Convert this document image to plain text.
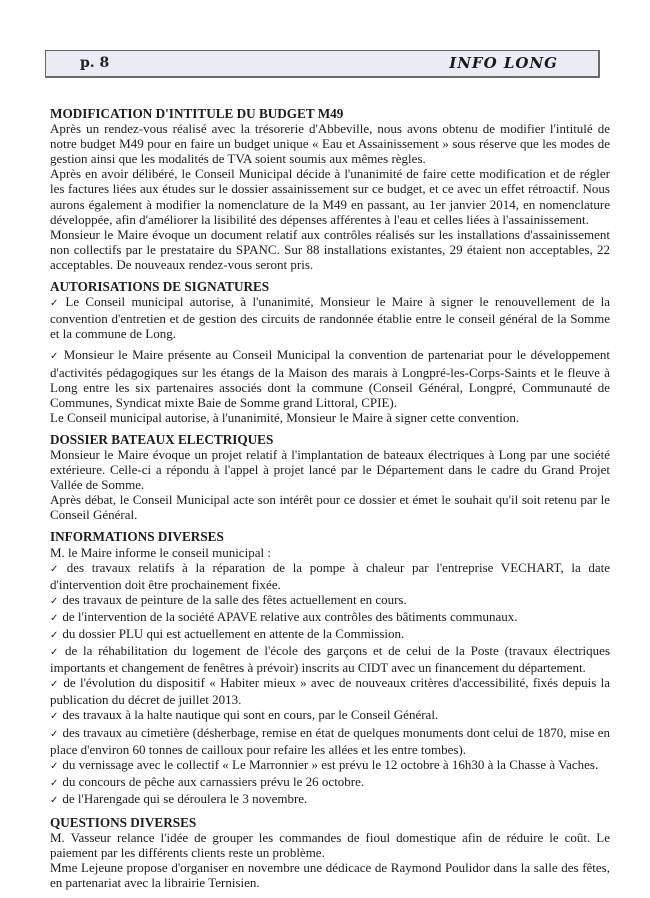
p. 8	INFO LONG
MODIFICATION D'INTITULE DU BUDGET M49

Après un rendez-vous réalisé avec la trésorerie d'Abbeville, nous avons obtenu de modifier l'intitulé de notre budget M49 pour en faire un budget unique « Eau et Assainissement » sous réserve que les modes de gestion ainsi que les modalités de TVA soient soumis aux mêmes règles.

Après en avoir délibéré, le Conseil Municipal décide à l'unanimité de faire cette modification et de régler les factures liées aux études sur le dossier assainissement sur ce budget, et ce avec un effet rétroactif. Nous aurons également à modifier la nomenclature de la M49 en passant, au 1er janvier 2014, en nomenclature développée, afin d'améliorer la lisibilité des dépenses afférentes à l'eau et celles liées à l'assainissement.

Monsieur le Maire évoque un document relatif aux contrôles réalisés sur les installations d'assainissement non collectifs par le prestataire du SPANC. Sur 88 installations existantes, 29 étaient non acceptables, 22 acceptables. De nouveaux rendez-vous seront pris.

AUTORISATIONS DE SIGNATURES

✓ Le Conseil municipal autorise, à l'unanimité, Monsieur le Maire à signer le renouvellement de la convention d'entretien et de gestion des circuits de randonnée établie entre le conseil général de la Somme et la commune de Long.

✓ Monsieur le Maire présente au Conseil Municipal la convention de partenariat pour le développement d'activités pédagogiques sur les étangs de la Maison des marais à Longpré-les-Corps-Saints et le fleuve à Long entre les six partenaires associés dont la commune (Conseil Général, Longpré, Communauté de Communes, Syndicat mixte Baie de Somme grand Littoral, CPIE).

Le Conseil municipal autorise, à l'unanimité, Monsieur le Maire à signer cette convention.

DOSSIER BATEAUX ELECTRIQUES

Monsieur le Maire évoque un projet relatif à l'implantation de bateaux électriques à Long par une société extérieure. Celle-ci a répondu à l'appel à projet lancé par le Département dans le cadre du Grand Projet Vallée de Somme.

Après débat, le Conseil Municipal acte son intérêt pour ce dossier et émet le souhait qu'il soit retenu par le Conseil Général.

INFORMATIONS DIVERSES

M. le Maire informe le conseil municipal :

✓ des travaux relatifs à la réparation de la pompe à chaleur par l'entreprise VECHART, la date d'intervention doit être prochainement fixée.

✓ des travaux de peinture de la salle des fêtes actuellement en cours.

✓ de l'intervention de la société APAVE relative aux contrôles des bâtiments communaux.

✓ du dossier PLU qui est actuellement en attente de la Commission.

✓ de la réhabilitation du logement de l'école des garçons et de celui de la Poste (travaux électriques importants et changement de fenêtres à prévoir) inscrits au CIDT avec un financement du département.

✓ de l'évolution du dispositif « Habiter mieux » avec de nouveaux critères d'accessibilité, fixés depuis la publication du décret de juillet 2013.

✓ des travaux à la halte nautique qui sont en cours, par le Conseil Général.

✓ des travaux au cimetière (désherbage, remise en état de quelques monuments dont celui de 1870, mise en place d'environ 60 tonnes de cailloux pour refaire les allées et les entre tombes).

✓ du vernissage avec le collectif « Le Marronnier » est prévu le 12 octobre à 16h30 à la Chasse à Vaches.

✓ du concours de pêche aux carnassiers prévu le 26 octobre.

✓ de l'Harengade qui se déroulera le 3 novembre.

QUESTIONS DIVERSES

M. Vasseur relance l'idée de grouper les commandes de fioul domestique afin de réduire le coût. Le paiement par les différents clients reste un problème.

Mme Lejeune propose d'organiser en novembre une dédicace de Raymond Poulidor dans la salle des fêtes, en partenariat avec la librairie Ternisien.
